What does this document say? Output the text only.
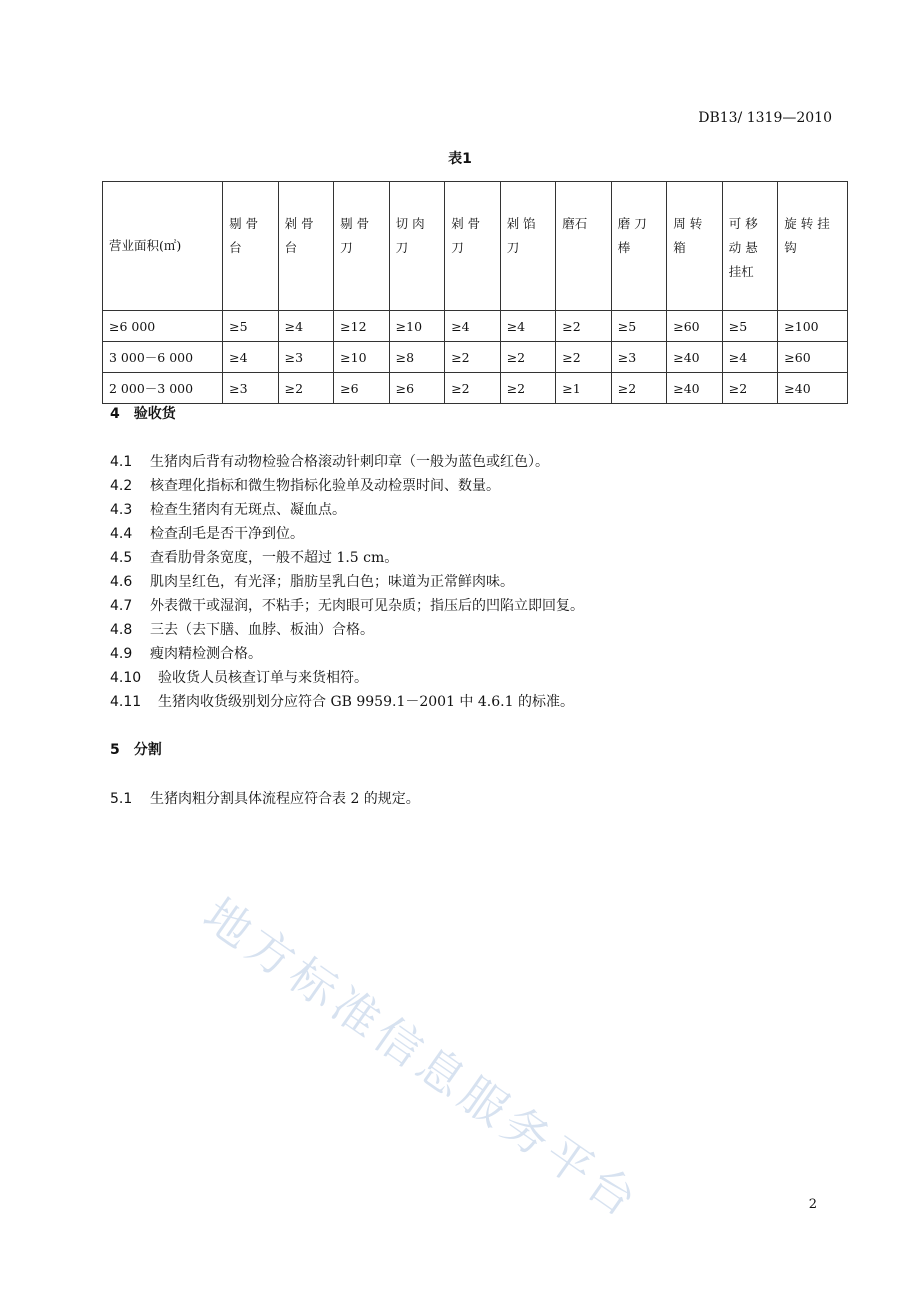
DB13/ 1319—2010
表1
营业面积(㎡)	剔 骨 台	剁 骨 台	剔 骨 刀	切 肉 刀	剁 骨 刀	剁 馅 刀	磨石	磨 刀 棒	周 转 箱	可 移 动 悬 挂杠	旋 转 挂 钩
≥6 000	≥5	≥4	≥12	≥10	≥4	≥4	≥2	≥5	≥60	≥5	≥100
3 000－6 000	≥4	≥3	≥10	≥8	≥2	≥2	≥2	≥3	≥40	≥4	≥60
2 000－3 000	≥3	≥2	≥6	≥6	≥2	≥2	≥1	≥2	≥40	≥2	≥40
4　验收货
4.1 生猪肉后背有动物检验合格滚动针刺印章（一般为蓝色或红色）。
4.2 核查理化指标和微生物指标化验单及动检票时间、数量。
4.3 检查生猪肉有无斑点、凝血点。
4.4 检查刮毛是否干净到位。
4.5 查看肋骨条宽度，一般不超过 1.5 cm。
4.6 肌肉呈红色，有光泽；脂肪呈乳白色；味道为正常鲜肉味。
4.7 外表微干或湿润，不粘手；无肉眼可见杂质；指压后的凹陷立即回复。
4.8 三去（去下膳、血脖、板油）合格。
4.9 瘦肉精检测合格。
4.10 验收货人员核查订单与来货相符。
4.11 生猪肉收货级别划分应符合 GB 9959.1－2001 中 4.6.1 的标准。
5　分割
5.1 生猪肉粗分割具体流程应符合表 2 的规定。
地方标准信息服务平台	2
